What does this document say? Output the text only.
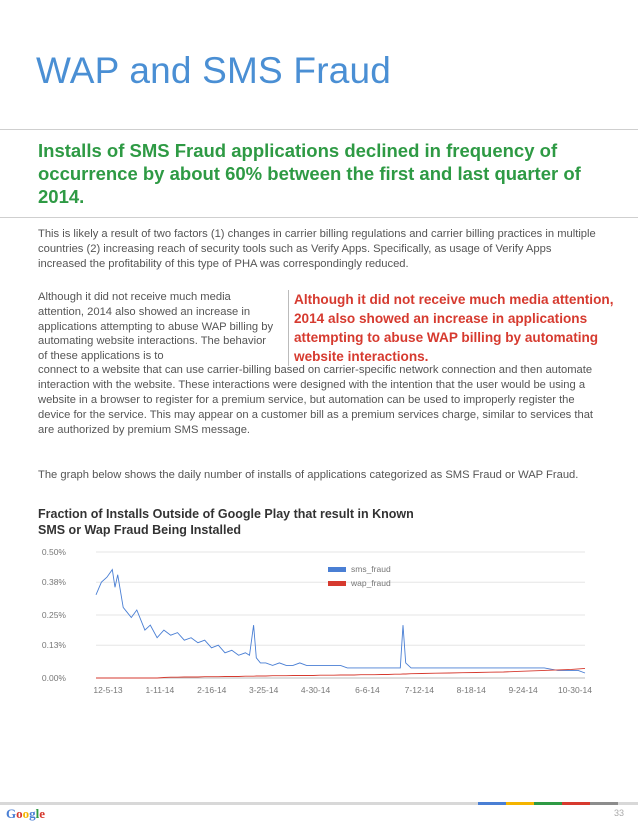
WAP and SMS Fraud
Installs of SMS Fraud applications declined in frequency of occurrence by about 60% between the first and last quarter of 2014.

This is likely a result of two factors (1) changes in carrier billing regulations and carrier billing practices in multiple countries (2) increasing reach of security tools such as Verify Apps. Specifically, as usage of Verify Apps increased the profitability of this type of PHA was correspondingly reduced.

Although it did not receive much media attention, 2014 also showed an increase in applications attempting to abuse WAP billing by automating website interactions. The behavior of these applications is to

Although it did not receive much media attention, 2014 also showed an increase in applications attempting to abuse WAP billing by automating website interactions.

connect to a website that can use carrier-billing based on carrier-specific network connection and then automate interaction with the website. These interactions were designed with the intention that the user would be using a website in a browser to register for a premium service, but automation can be used to improperly register the device for the service. This may appear on a customer bill as a premium services charge, similar to services that are authorized by premium SMS message.

The graph below shows the daily number of installs of applications categorized as SMS Fraud or WAP Fraud.

Fraction of Installs Outside of Google Play that result in Known SMS or Wap Fraud Being Installed

0.00%
0.13%
0.25%
0.38%
0.50%
12-5-13	1-11-14	2-16-14	3-25-14	4-30-14	6-6-14	7-12-14	8-18-14	9-24-14 10-30-14
sms_fraud
wap_fraud
Google	33
